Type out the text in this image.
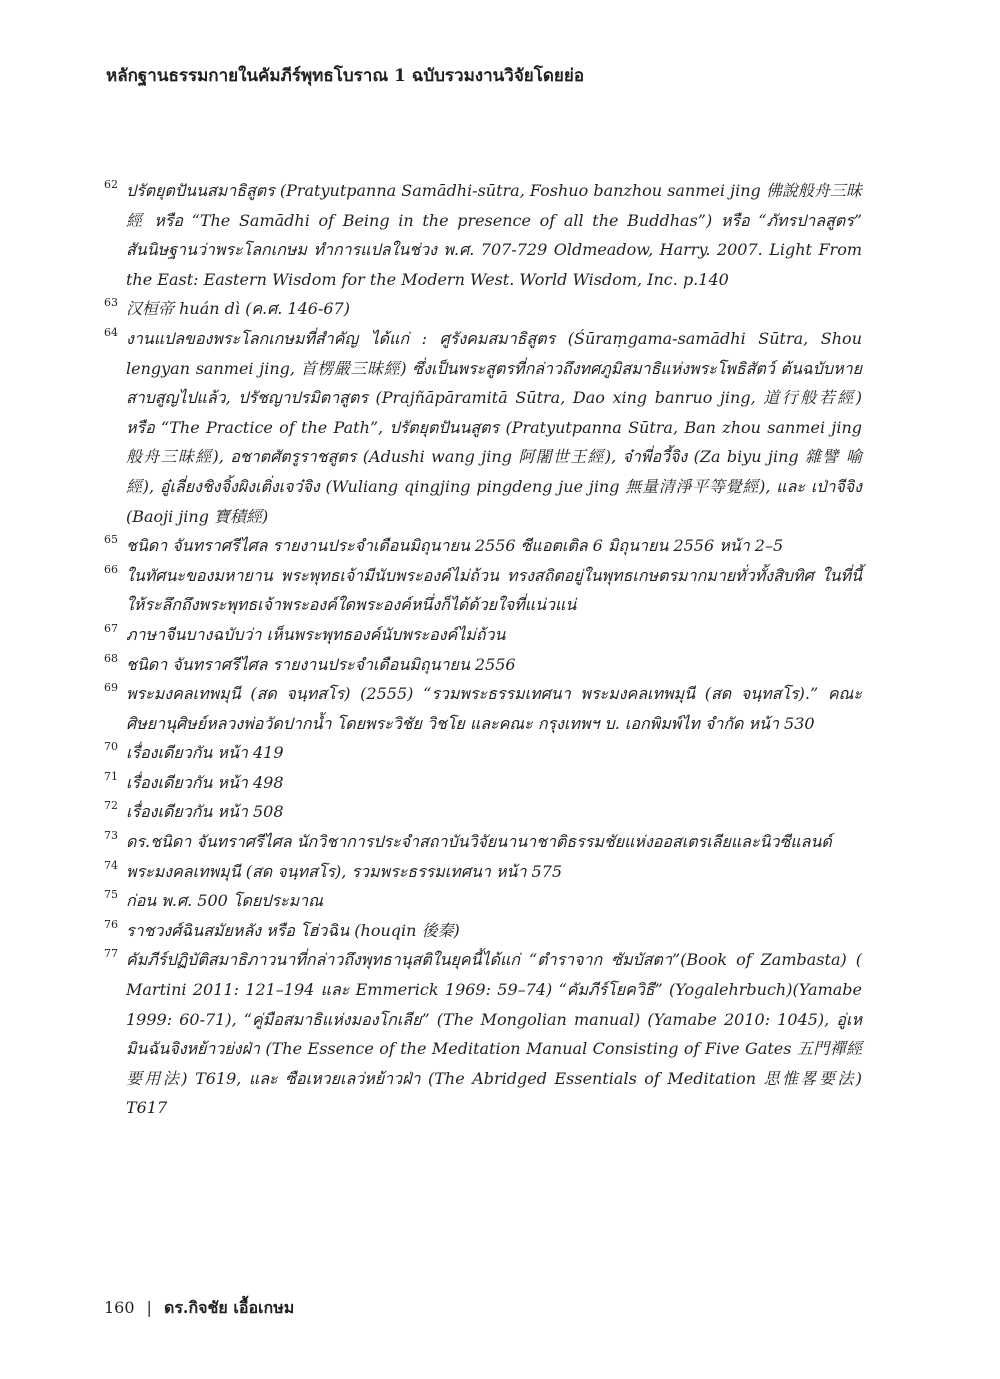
หลักฐานธรรมกายในคัมภีร์พุทธโบราณ 1 ฉบับรวมงานวิจัยโดยย่อ
62 ปรัตยุตปันนสมาธิสูตร (Pratyutpanna Samādhi-sūtra, Foshuo banzhou sanmei jing 佛說般舟三昧經 หรือ “The Samādhi of Being in the presence of all the Buddhas”) หรือ “ภัทรปาลสูตร” สันนิษฐานว่าพระโลกเกษม ทำการแปลในช่วง พ.ศ. 707-729 Oldmeadow, Harry. 2007. Light From the East: Eastern Wisdom for the Modern West. World Wisdom, Inc. p.140
63 汉桓帝 huán dì (ค.ศ. 146-67)
64 งานแปลของพระโลกเกษมที่สำคัญ ได้แก่ : ศูรังคมสมาธิสูตร (Śūraṃgama-samādhi Sūtra, Shou lengyan sanmei jing, 首楞嚴三昧經) ซึ่งเป็นพระสูตรที่กล่าวถึงทศภูมิสมาธิแห่งพระโพธิสัตว์ ต้นฉบับหายสาบสูญไปแล้ว, ปรัชญาปรมิตาสูตร (Prajñāpāramitā Sūtra, Dao xing banruo jing, 道行般若經) หรือ “The Practice of the Path”, ปรัตยุตปันนสูตร (Pratyutpanna Sūtra, Ban zhou sanmei jing 般舟三昧經), อชาตศัตรูราชสูตร (Adushi wang jing 阿闍世王經), จ๋าพี่อวี้จิง (Za biyu jing 雜譬 喻 經), อู๋เลี่ยงชิงจิ้งผิงเติ่งเจว๋จิง (Wuliang qingjing pingdeng jue jing 無量清淨平等覺經), และ เป่าจีจิง (Baoji jing 寶積經)
65 ชนิดา จันทราศรีไศล รายงานประจำเดือนมิถุนายน 2556 ซีแอตเติล 6 มิถุนายน 2556 หน้า 2–5
66 ในทัศนะของมหายาน พระพุทธเจ้ามีนับพระองค์ไม่ถ้วน ทรงสถิตอยู่ในพุทธเกษตรมากมายทั่วทั้งสิบทิศ ในที่นี้ให้ระลึกถึงพระพุทธเจ้าพระองค์ใดพระองค์หนึ่งก็ได้ด้วยใจที่แน่วแน่
67 ภาษาจีนบางฉบับว่า เห็นพระพุทธองค์นับพระองค์ไม่ถ้วน
68 ชนิดา จันทราศรีไศล รายงานประจำเดือนมิถุนายน 2556
69 พระมงคลเทพมุนี (สด จนฺทสโร) (2555) “รวมพระธรรมเทศนา พระมงคลเทพมุนี (สด จนฺทสโร).” คณะศิษยานุศิษย์หลวงพ่อวัดปากน้ำ โดยพระวิชัย วิชโย และคณะ กรุงเทพฯ บ. เอกพิมพ์ไท จำกัด หน้า 530
70 เรื่องเดียวกัน หน้า 419
71 เรื่องเดียวกัน หน้า 498
72 เรื่องเดียวกัน หน้า 508
73 ดร.ชนิดา จันทราศรีไศล นักวิชาการประจำสถาบันวิจัยนานาชาติธรรมชัยแห่งออสเตรเลียและนิวซีแลนด์
74 พระมงคลเทพมุนี (สด จนฺทสโร), รวมพระธรรมเทศนา หน้า 575
75 ก่อน พ.ศ. 500 โดยประมาณ
76 ราชวงศ์ฉินสมัยหลัง หรือ โฮ่วฉิน (houqin 後秦)
77 คัมภีร์ปฏิบัติสมาธิภาวนาที่กล่าวถึงพุทธานุสติในยุคนี้ได้แก่ “ตำราจาก ซัมบัสตา”(Book of Zambasta) ( Martini 2011: 121–194 และ Emmerick 1969: 59–74) “คัมภีร์โยควิธี” (Yogalehrbuch)(Yamabe 1999: 60-71), “คู่มือสมาธิแห่งมองโกเลีย” (The Mongolian manual) (Yamabe 2010: 1045), อู่เหมินฉันจิงหย้าวย่งฝ่า (The Essence of the Meditation Manual Consisting of Five Gates 五門禪經要用法) T619, และ ซือเหวยเลว่หย้าวฝ่า (The Abridged Essentials of Meditation 思惟畧要法) T617
160 | ดร.กิจชัย เอื้อเกษม
